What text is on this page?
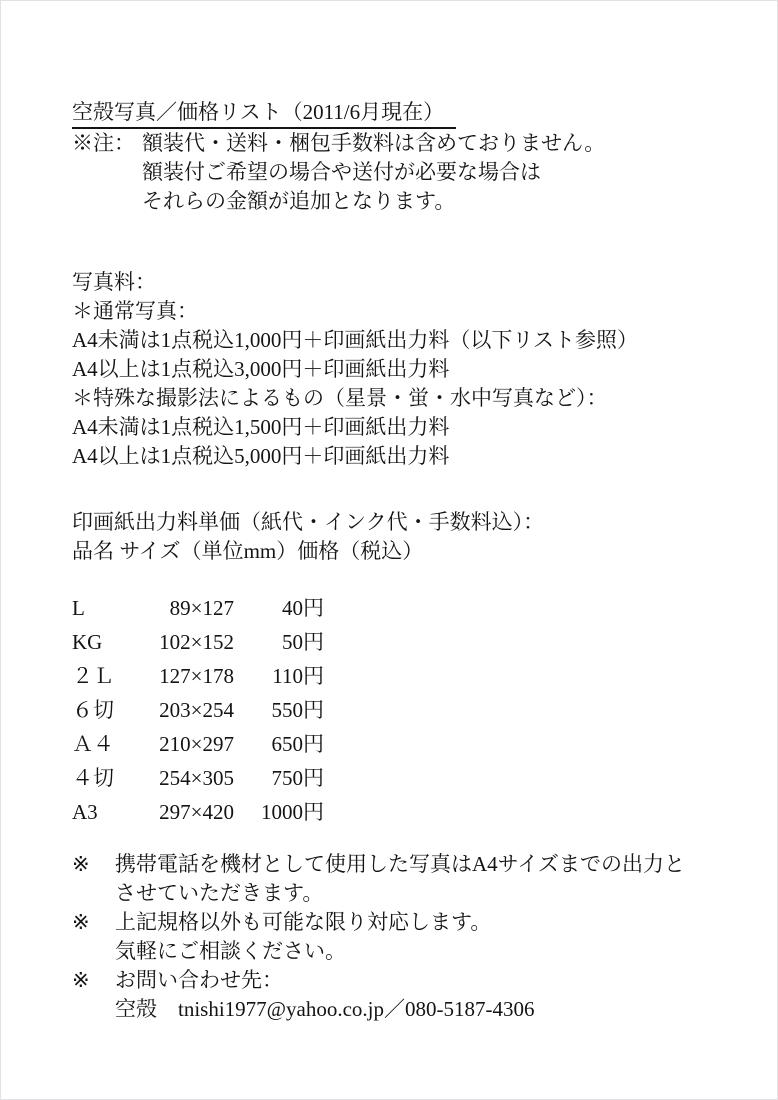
空殻写真／価格リスト（2011/6月現在）
※注： 額装代・送料・梱包手数料は含めておりません。
額装付ご希望の場合や送付が必要な場合は
それらの金額が追加となります。
写真料：
＊通常写真：
A4未満は1点税込1,000円＋印画紙出力料（以下リスト参照）
A4以上は1点税込3,000円＋印画紙出力料
＊特殊な撮影法によるもの（星景・蛍・水中写真など）：
A4未満は1点税込1,500円＋印画紙出力料
A4以上は1点税込5,000円＋印画紙出力料
印画紙出力料単価（紙代・インク代・手数料込）：
品名 サイズ（単位mm）価格（税込）
L	89×127	40円
KG	102×152	50円
２Ｌ	127×178	110円
６切	203×254	550円
Ａ４	210×297	650円
４切	254×305	750円
A3	297×420	1000円
※	携帯電話を機材として使用した写真はA4サイズまでの出力と
させていただきます。
※	上記規格以外も可能な限り対応します。
気軽にご相談ください。
※	お問い合わせ先：
空殻　tnishi1977@yahoo.co.jp／080-5187-4306
